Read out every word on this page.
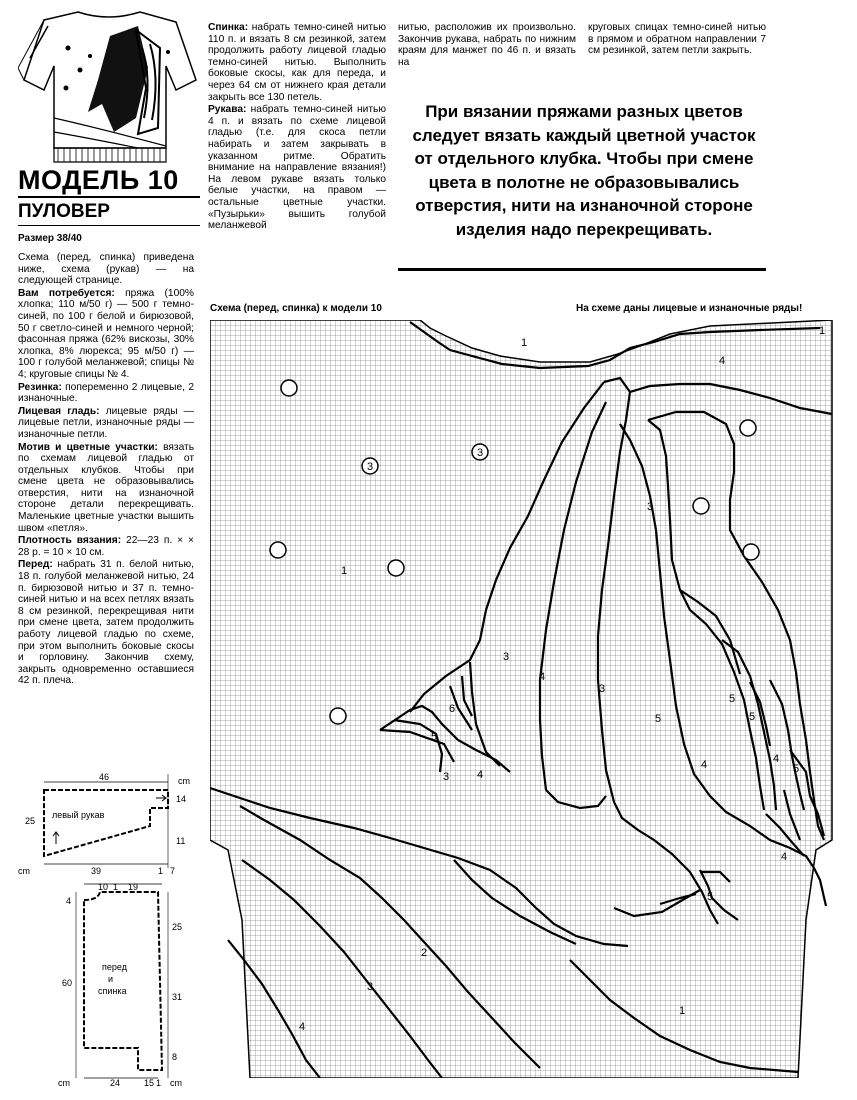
МОДЕЛЬ 10
ПУЛОВЕР
Размер 38/40

Схема (перед, спинка) приведена ниже, схема (рукав) — на следующей странице.

Вам потребуется: пряжа (100% хлопка; 110 м/50 г) — 500 г темно-синей, по 100 г белой и бирюзовой, 50 г светло-синей и немного черной; фасонная пряжа (62% вискозы, 30% хлопка, 8% люрекса; 95 м/50 г) — 100 г голубой меланжевой; спицы № 4; круговые спицы № 4.

Резинка: попеременно 2 лицевые, 2 изнаночные.

Лицевая гладь: лицевые ряды — лицевые петли, изнаночные ряды — изнаночные петли.

Мотив и цветные участки: вязать по схемам лицевой гладью от отдельных клубков. Чтобы при смене цвета не образовывались отверстия, нити на изнаночной стороне детали перекрещивать. Маленькие цветные участки вышить швом «петля».

Плотность вязания: 22—23 п. × × 28 р. = 10 × 10 см.

Перед: набрать 31 п. белой нитью, 18 п. голубой меланжевой нитью, 24 п. бирюзовой нитью и 37 п. темно-синей нитью и на всех петлях вязать 8 см резинкой, перекрещивая нити при смене цвета, затем продолжить работу лицевой гладью по схеме, при этом выполнить боковые скосы и горловину. Закончив схему, закрыть одновременно оставшиеся 42 п. плеча.

Спинка: набрать темно-синей нитью 110 п. и вязать 8 см резинкой, затем продолжить работу лицевой гладью темно-синей нитью. Выполнить боковые скосы, как для переда, и через 64 см от нижнего края детали закрыть все 130 петель.

Рукава: набрать темно-синей нитью 4 п. и вязать по схеме лицевой гладью (т.е. для скоса петли набирать и затем закрывать в указанном ритме. Обратить внимание на направление вязания!) На левом рукаве вязать только белые участки, на правом — остальные цветные участки. «Пузырьки» вышить голубой меланжевой

нитью, расположив их произвольно. Закончив рукава, набрать по нижним краям для манжет по 46 п. и вязать на

круговых спицах темно-синей нитью в прямом и обратном направлении 7 см резинкой, затем петли закрыть.

При вязании пряжами разных цветов следует вязать каждый цветной участок от отдельного клубка. Чтобы при смене цвета в полотне не образовывались отверстия, нити на изнаночной стороне изделия надо перекрещивать.
46
25
14
11
39	1 7
cm
cm
левый рукав
10 1 19
4
25
60
31
8
24	15 1
cm	cm
перед
и
спинка
Схема (перед, спинка) к модели 10	На схеме даны лицевые и изнаночные ряды!
1
1
4
1
3
3
3
4
3
3
5
5
5
4	4
5
4
5
5
6
3	4
2
3
4
1
